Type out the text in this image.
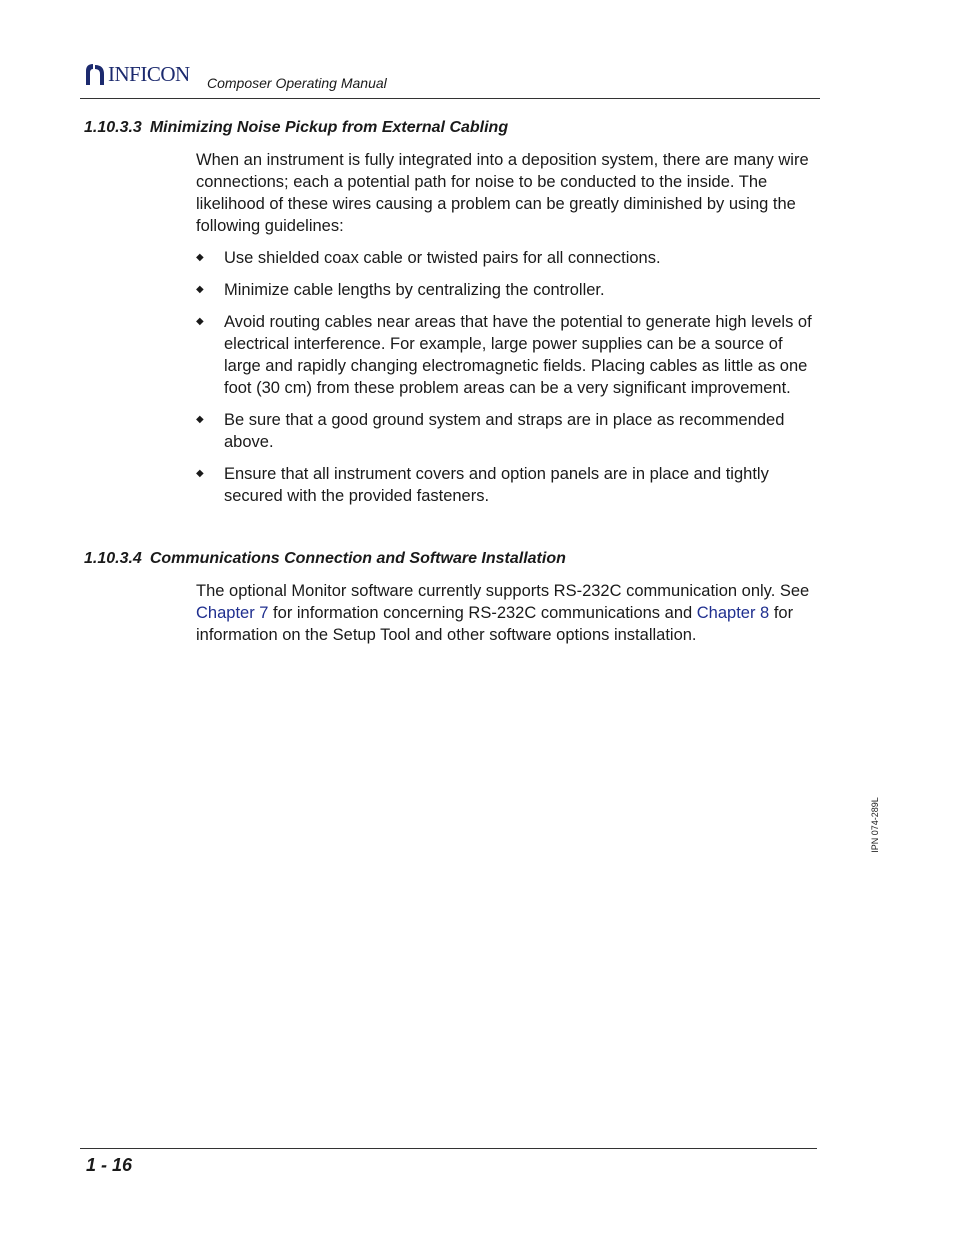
INFICON Composer Operating Manual
1.10.3.3 Minimizing Noise Pickup from External Cabling
When an instrument is fully integrated into a deposition system, there are many wire connections; each a potential path for noise to be conducted to the inside. The likelihood of these wires causing a problem can be greatly diminished by using the following guidelines:
◆ Use shielded coax cable or twisted pairs for all connections.
◆ Minimize cable lengths by centralizing the controller.
◆ Avoid routing cables near areas that have the potential to generate high levels of electrical interference. For example, large power supplies can be a source of large and rapidly changing electromagnetic fields. Placing cables as little as one foot (30 cm) from these problem areas can be a very significant improvement.
◆ Be sure that a good ground system and straps are in place as recommended above.
◆ Ensure that all instrument covers and option panels are in place and tightly secured with the provided fasteners.
1.10.3.4 Communications Connection and Software Installation
The optional Monitor software currently supports RS-232C communication only. See Chapter 7 for information concerning RS-232C communications and Chapter 8 for information on the Setup Tool and other software options installation.
IPN 074-289L
1 - 16
